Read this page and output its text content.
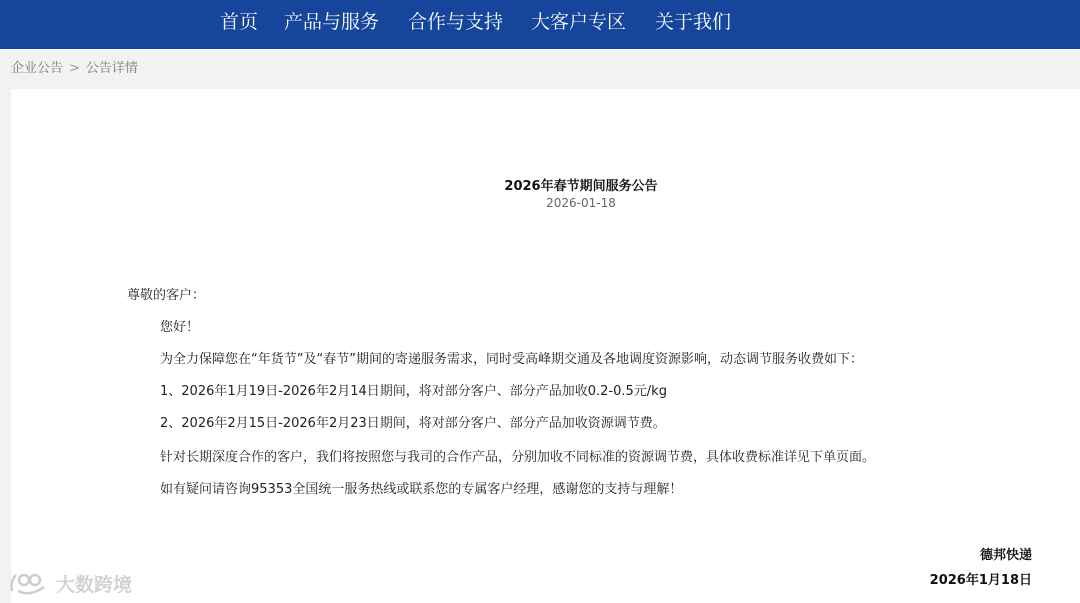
首页 产品与服务 合作与支持 大客户专区 关于我们
企业公告 > 公告详情
2026年春节期间服务公告
2026-01-18
尊敬的客户：
您好！
为全力保障您在“年货节”及“春节”期间的寄递服务需求，同时受高峰期交通及各地调度资源影响，动态调节服务收费如下：
1、2026年1月19日-2026年2月14日期间，将对部分客户、部分产品加收0.2-0.5元/kg
2、2026年2月15日-2026年2月23日期间，将对部分客户、部分产品加收资源调节费。
针对长期深度合作的客户，我们将按照您与我司的合作产品，分别加收不同标准的资源调节费，具体收费标准详见下单页面。
如有疑问请咨询95353全国统一服务热线或联系您的专属客户经理，感谢您的支持与理解！
德邦快递
2026年1月18日
大数跨境
